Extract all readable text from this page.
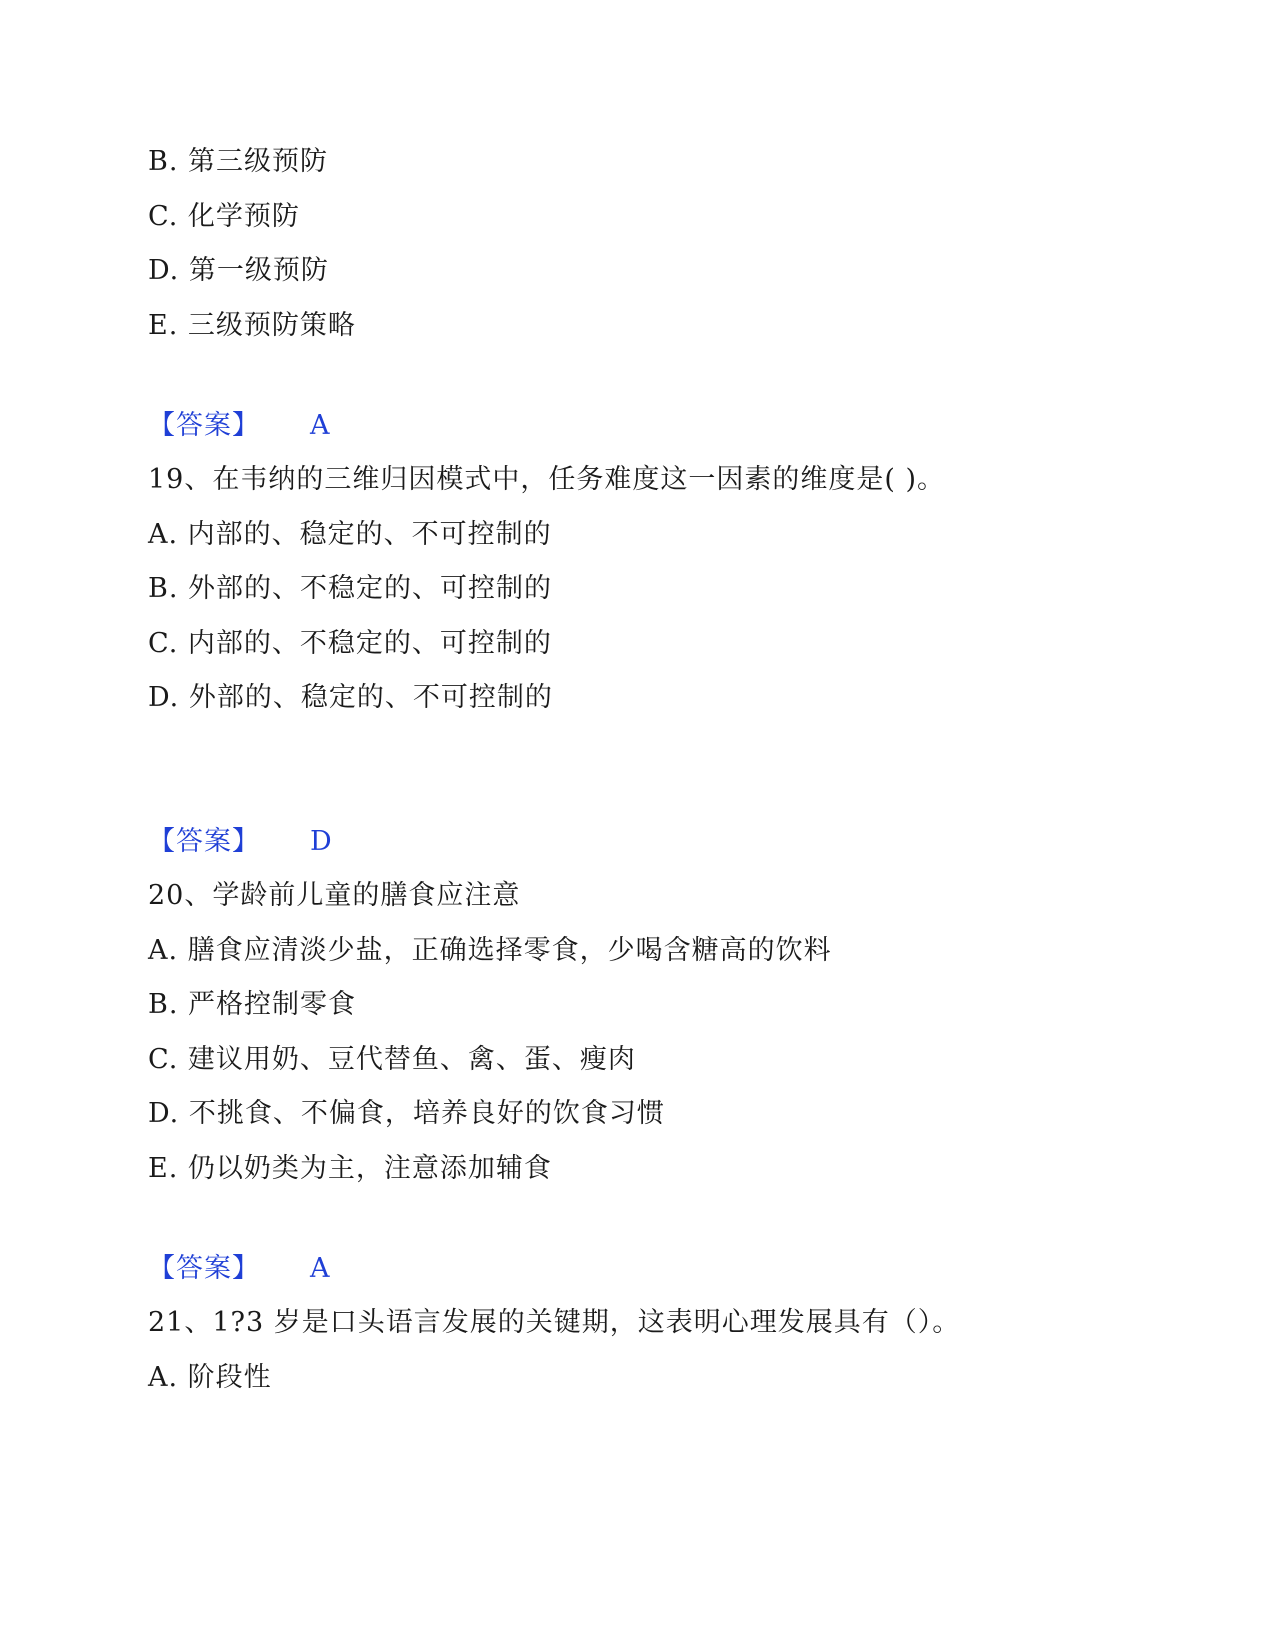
B. 第三级预防
C. 化学预防
D. 第一级预防
E. 三级预防策略
【答案】 A
19、在韦纳的三维归因模式中，任务难度这一因素的维度是( )。
A. 内部的、稳定的、不可控制的
B. 外部的、不稳定的、可控制的
C. 内部的、不稳定的、可控制的
D. 外部的、稳定的、不可控制的
【答案】 D
20、学龄前儿童的膳食应注意
A. 膳食应清淡少盐，正确选择零食，少喝含糖高的饮料
B. 严格控制零食
C. 建议用奶、豆代替鱼、禽、蛋、瘦肉
D. 不挑食、不偏食，培养良好的饮食习惯
E. 仍以奶类为主，注意添加辅食
【答案】 A
21、1?3 岁是口头语言发展的关键期，这表明心理发展具有（）。
A. 阶段性
